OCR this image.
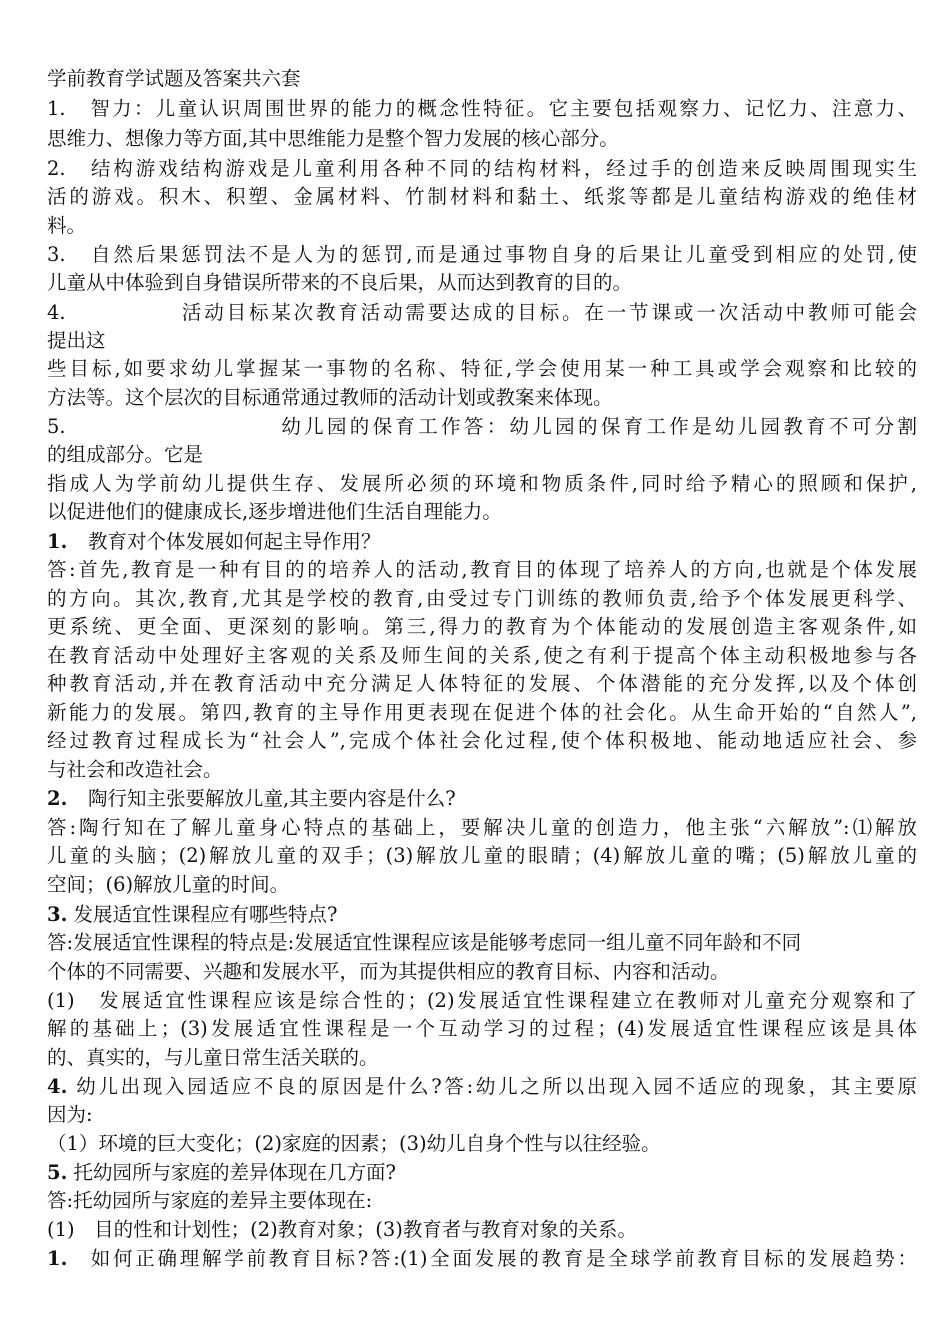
学前教育学试题及答案共六套
1. 智力：儿童认识周围世界的能力的概念性特征。它主要包括观察力、记忆力、注意力、
思维力、想像力等方面,其中思维能力是整个智力发展的核心部分。
2. 结构游戏结构游戏是儿童利用各种不同的结构材料，经过手的创造来反映周围现实生
活的游戏。积木、积塑、金属材料、竹制材料和黏土、纸浆等都是儿童结构游戏的绝佳材
料。
3. 自然后果惩罚法不是人为的惩罚,而是通过事物自身的后果让儿童受到相应的处罚,使
儿童从中体验到自身错误所带来的不良后果，从而达到教育的目的。
4.	活动目标某次教育活动需要达成的目标。在一节课或一次活动中教师可能会
提出这
些目标,如要求幼儿掌握某一事物的名称、特征,学会使用某一种工具或学会观察和比较的
方法等。这个层次的目标通常通过教师的活动计划或教案来体现。
5.	幼儿园的保育工作答：幼儿园的保育工作是幼儿园教育不可分割
的组成部分。它是
指成人为学前幼儿提供生存、发展所必须的环境和物质条件,同时给予精心的照顾和保护,
以促进他们的健康成长,逐步增进他们生活自理能力。
1. 教育对个体发展如何起主导作用？
答:首先,教育是一种有目的的培养人的活动,教育目的体现了培养人的方向,也就是个体发展
的方向。其次,教育,尤其是学校的教育,由受过专门训练的教师负责,给予个体发展更科学、
更系统、更全面、更深刻的影响。第三,得力的教育为个体能动的发展创造主客观条件,如
在教育活动中处理好主客观的关系及师生间的关系,使之有利于提高个体主动积极地参与各
种教育活动,并在教育活动中充分满足人体特征的发展、个体潜能的充分发挥,以及个体创
新能力的发展。第四,教育的主导作用更表现在促进个体的社会化。从生命开始的“自然人”,
经过教育过程成长为“社会人”,完成个体社会化过程,使个体积极地、能动地适应社会、参
与社会和改造社会。
2. 陶行知主张要解放儿童,其主要内容是什么?
答:陶行知在了解儿童身心特点的基础上，要解决儿童的创造力，他主张“六解放”:⑴解放
儿童的头脑；(2)解放儿童的双手；(3)解放儿童的眼睛；(4)解放儿童的嘴；(5)解放儿童的
空间；(6)解放儿童的时间。
3. 发展适宜性课程应有哪些特点?
答:发展适宜性课程的特点是:发展适宜性课程应该是能够考虑同一组儿童不同年龄和不同
个体的不同需要、兴趣和发展水平，而为其提供相应的教育目标、内容和活动。
(1)　发展适宜性课程应该是综合性的；(2)发展适宜性课程建立在教师对儿童充分观察和了
解的基础上；(3)发展适宜性课程是一个互动学习的过程；(4)发展适宜性课程应该是具体
的、真实的，与儿童日常生活关联的。
4. 幼儿出现入园适应不良的原因是什么?答:幼儿之所以出现入园不适应的现象，其主要原
因为:
（1）环境的巨大变化；(2)家庭的因素；(3)幼儿自身个性与以往经验。
5. 托幼园所与家庭的差异体现在几方面?
答:托幼园所与家庭的差异主要体现在:
(1)　目的性和计划性；(2)教育对象；(3)教育者与教育对象的关系。
1. 如何正确理解学前教育目标?答:(1)全面发展的教育是全球学前教育目标的发展趋势：
